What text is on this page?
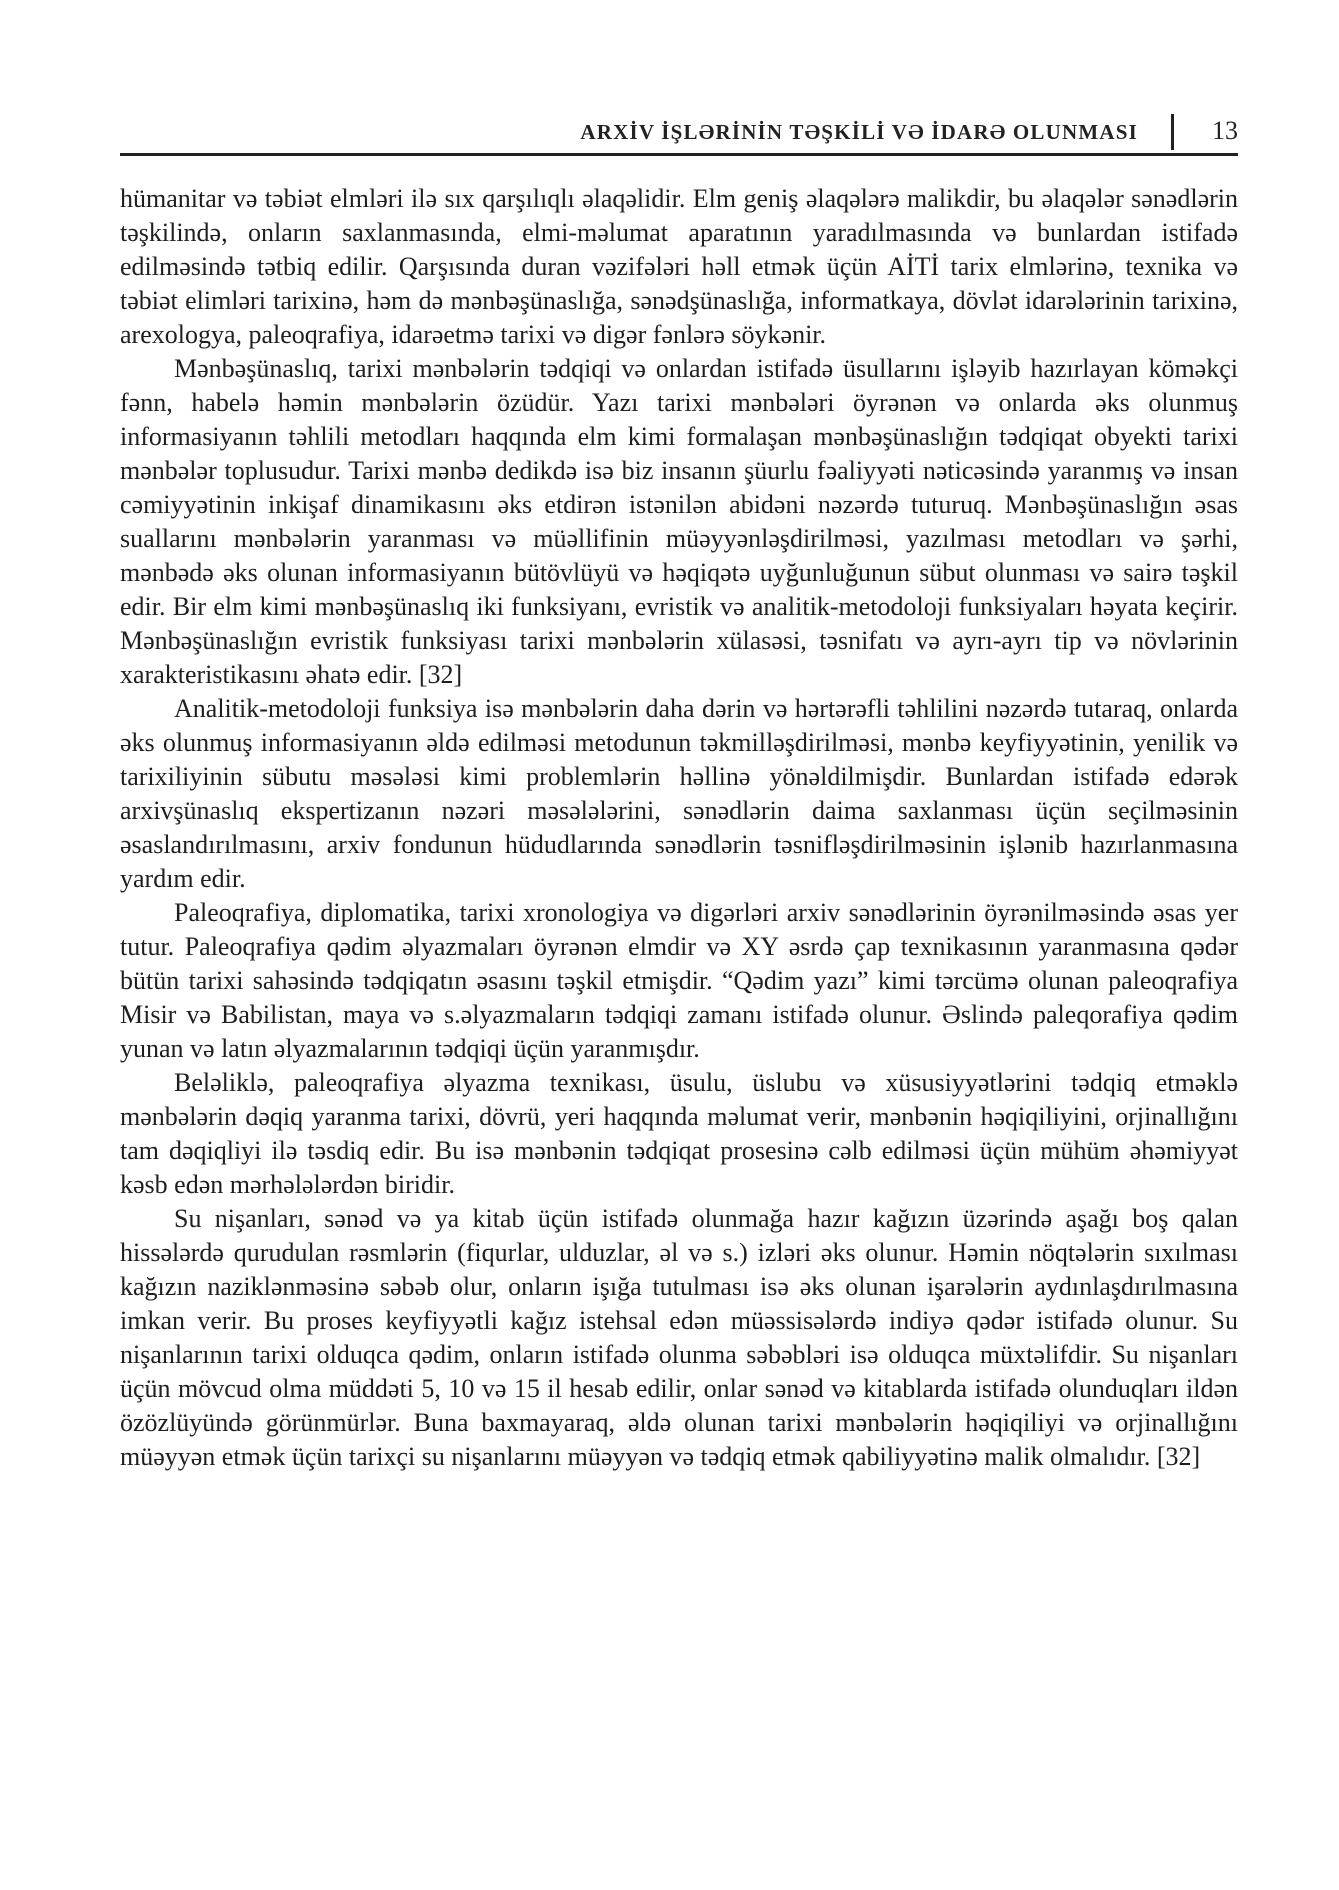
ARXİV İŞLƏRİNİN TƏŞKİLİ VƏ İDARƏ OLUNMASI	13

hümanitar və təbiət elmləri ilə sıx qarşılıqlı əlaqəlidir. Elm geniş əlaqələrə malikdir, bu əlaqələr sənədlərin təşkilində, onların saxlanmasında, elmi-məlumat aparatının yaradılmasında və bunlardan istifadə edilməsində tətbiq edilir. Qarşısında duran vəzifələri həll etmək üçün AİTİ tarix elmlərinə, texnika və təbiət elimləri tarixinə, həm də mənbəşünaslığa, sənədşünaslığa, informatkaya, dövlət idarələrinin tarixinə, arexologya, paleoqrafiya, idarəetmə tarixi və digər fənlərə söykənir.

Mənbəşünaslıq, tarixi mənbələrin tədqiqi və onlardan istifadə üsullarını işləyib hazırlayan köməkçi fənn, habelə həmin mənbələrin özüdür. Yazı tarixi mənbələri öyrənən və onlarda əks olunmuş informasiyanın təhlili metodları haqqında elm kimi formalaşan mənbəşünaslığın tədqiqat obyekti tarixi mənbələr toplusudur. Tarixi mənbə dedikdə isə biz insanın şüurlu fəaliyyəti nəticəsində yaranmış və insan cəmiyyətinin inkişaf dinamikasını əks etdirən istənilən abidəni nəzərdə tuturuq. Mənbəşünaslığın əsas suallarını mənbələrin yaranması və müəllifinin müəyyənləşdirilməsi, yazılması metodları və şərhi, mənbədə əks olunan informasiyanın bütövlüyü və həqiqətə uyğunluğunun sübut olunması və sairə təşkil edir. Bir elm kimi mənbəşünaslıq iki funksiyanı, evristik və analitik-metodoloji funksiyaları həyata keçirir. Mənbəşünaslığın evristik funksiyası tarixi mənbələrin xülasəsi, təsnifatı və ayrı-ayrı tip və növlərinin xarakteristikasını əhatə edir. [32]

Analitik-metodoloji funksiya isə mənbələrin daha dərin və hərtərəfli təhlilini nəzərdə tutaraq, onlarda əks olunmuş informasiyanın əldə edilməsi metodunun təkmilləşdirilməsi, mənbə keyfiyyətinin, yenilik və tarixiliyinin sübutu məsələsi kimi problemlərin həllinə yönəldilmişdir. Bunlardan istifadə edərək arxivşünaslıq ekspertizanın nəzəri məsələlərini, sənədlərin daima saxlanması üçün seçilməsinin əsaslandırılmasını, arxiv fondunun hüdudlarında sənədlərin təsnifləşdirilməsinin işlənib hazırlanmasına yardım edir.

Paleoqrafiya, diplomatika, tarixi xronologiya və digərləri arxiv sənədlərinin öyrənilməsində əsas yer tutur. Paleoqrafiya qədim əlyazmaları öyrənən elmdir və XY əsrdə çap texnikasının yaranmasına qədər bütün tarixi sahəsində tədqiqatın əsasını təşkil etmişdir. “Qədim yazı” kimi tərcümə olunan paleoqrafiya Misir və Babilistan, maya və s.əlyazmaların tədqiqi zamanı istifadə olunur. Əslində paleqorafiya qədim yunan və latın əlyazmalarının tədqiqi üçün yaranmışdır.

Beləliklə, paleoqrafiya əlyazma texnikası, üsulu, üslubu və xüsusiyyətlərini tədqiq etməklə mənbələrin dəqiq yaranma tarixi, dövrü, yeri haqqında məlumat verir, mənbənin həqiqiliyini, orjinallığını tam dəqiqliyi ilə təsdiq edir. Bu isə mənbənin tədqiqat prosesinə cəlb edilməsi üçün mühüm əhəmiyyət kəsb edən mərhələlərdən biridir.

Su nişanları, sənəd və ya kitab üçün istifadə olunmağa hazır kağızın üzərində aşağı boş qalan hissələrdə qurudulan rəsmlərin (fiqurlar, ulduzlar, əl və s.) izləri əks olunur. Həmin nöqtələrin sıxılması kağızın naziklənməsinə səbəb olur, onların işığa tutulması isə əks olunan işarələrin aydınlaşdırılmasına imkan verir. Bu proses keyfiyyətli kağız istehsal edən müəssisələrdə indiyə qədər istifadə olunur. Su nişanlarının tarixi olduqca qədim, onların istifadə olunma səbəbləri isə olduqca müxtəlifdir. Su nişanları üçün mövcud olma müddəti 5, 10 və 15 il hesab edilir, onlar sənəd və kitablarda istifadə olunduqları ildən özözlüyündə görünmürlər. Buna baxmayaraq, əldə olunan tarixi mənbələrin həqiqiliyi və orjinallığını müəyyən etmək üçün tarixçi su nişanlarını müəyyən və tədqiq etmək qabiliyyətinə malik olmalıdır. [32]
